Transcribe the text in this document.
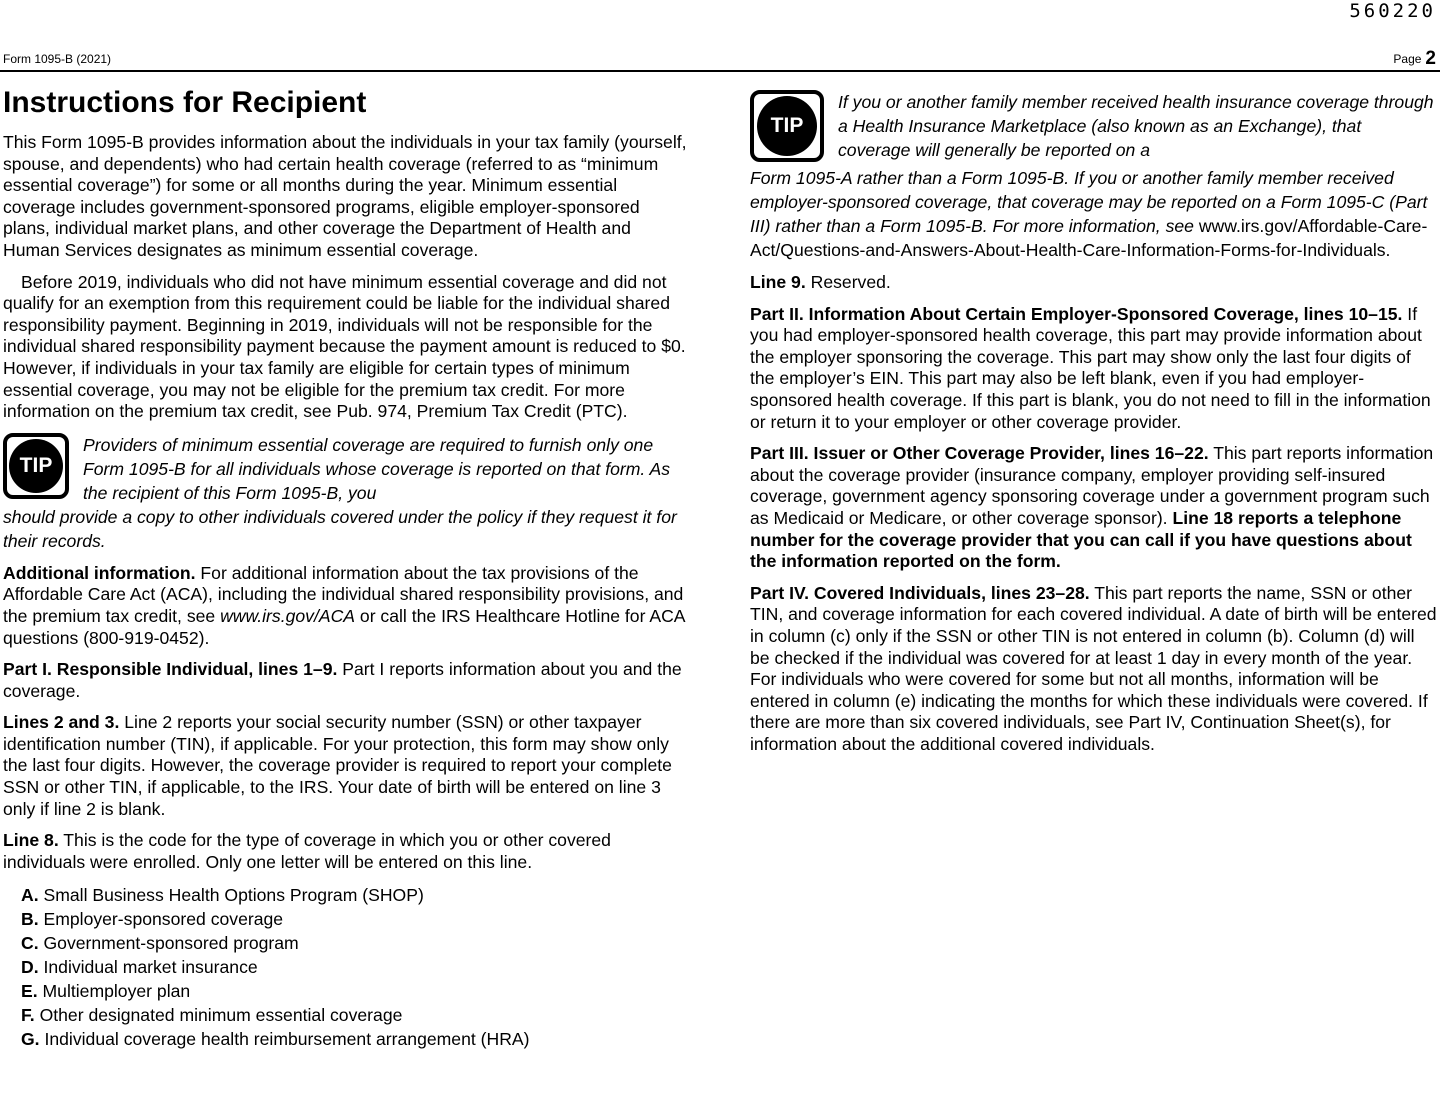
560220
Form 1095-B (2021)	Page 2
Instructions for Recipient

This Form 1095-B provides information about the individuals in your tax family (yourself, spouse, and dependents) who had certain health coverage (referred to as “minimum essential coverage”) for some or all months during the year. Minimum essential coverage includes government-sponsored programs, eligible employer-sponsored plans, individual market plans, and other coverage the Department of Health and Human Services designates as minimum essential coverage.

Before 2019, individuals who did not have minimum essential coverage and did not qualify for an exemption from this requirement could be liable for the individual shared responsibility payment. Beginning in 2019, individuals will not be responsible for the individual shared responsibility payment because the payment amount is reduced to $0. However, if individuals in your tax family are eligible for certain types of minimum essential coverage, you may not be eligible for the premium tax credit. For more information on the premium tax credit, see Pub. 974, Premium Tax Credit (PTC).

TIP
Providers of minimum essential coverage are required to furnish only one Form 1095-B for all individuals whose coverage is reported on that form. As the recipient of this Form 1095-B, you
should provide a copy to other individuals covered under the policy if they request it for their records.

Additional information. For additional information about the tax provisions of the Affordable Care Act (ACA), including the individual shared responsibility provisions, and the premium tax credit, see www.irs.gov/ACA or call the IRS Healthcare Hotline for ACA questions (800-919-0452).

Part I. Responsible Individual, lines 1–9. Part I reports information about you and the coverage.

Lines 2 and 3. Line 2 reports your social security number (SSN) or other taxpayer identification number (TIN), if applicable. For your protection, this form may show only the last four digits. However, the coverage provider is required to report your complete SSN or other TIN, if applicable, to the IRS. Your date of birth will be entered on line 3 only if line 2 is blank.

Line 8. This is the code for the type of coverage in which you or other covered individuals were enrolled. Only one letter will be entered on this line.

A. Small Business Health Options Program (SHOP)
B. Employer-sponsored coverage
C. Government-sponsored program
D. Individual market insurance
E. Multiemployer plan
F. Other designated minimum essential coverage
G. Individual coverage health reimbursement arrangement (HRA)
TIP
If you or another family member received health insurance coverage through a Health Insurance Marketplace (also known as an Exchange), that coverage will generally be reported on a
Form 1095-A rather than a Form 1095-B. If you or another family member received employer-sponsored coverage, that coverage may be reported on a Form 1095-C (Part III) rather than a Form 1095-B. For more information, see www.irs.gov/Affordable-Care-Act/Questions-and-Answers-About-Health-Care-Information-Forms-for-Individuals.

Line 9. Reserved.

Part II. Information About Certain Employer-Sponsored Coverage, lines 10–15. If you had employer-sponsored health coverage, this part may provide information about the employer sponsoring the coverage. This part may show only the last four digits of the employer’s EIN. This part may also be left blank, even if you had employer-sponsored health coverage. If this part is blank, you do not need to fill in the information or return it to your employer or other coverage provider.

Part III. Issuer or Other Coverage Provider, lines 16–22. This part reports information about the coverage provider (insurance company, employer providing self-insured coverage, government agency sponsoring coverage under a government program such as Medicaid or Medicare, or other coverage sponsor). Line 18 reports a telephone number for the coverage provider that you can call if you have questions about the information reported on the form.

Part IV. Covered Individuals, lines 23–28. This part reports the name, SSN or other TIN, and coverage information for each covered individual. A date of birth will be entered in column (c) only if the SSN or other TIN is not entered in column (b). Column (d) will be checked if the individual was covered for at least 1 day in every month of the year. For individuals who were covered for some but not all months, information will be entered in column (e) indicating the months for which these individuals were covered. If there are more than six covered individuals, see Part IV, Continuation Sheet(s), for information about the additional covered individuals.
